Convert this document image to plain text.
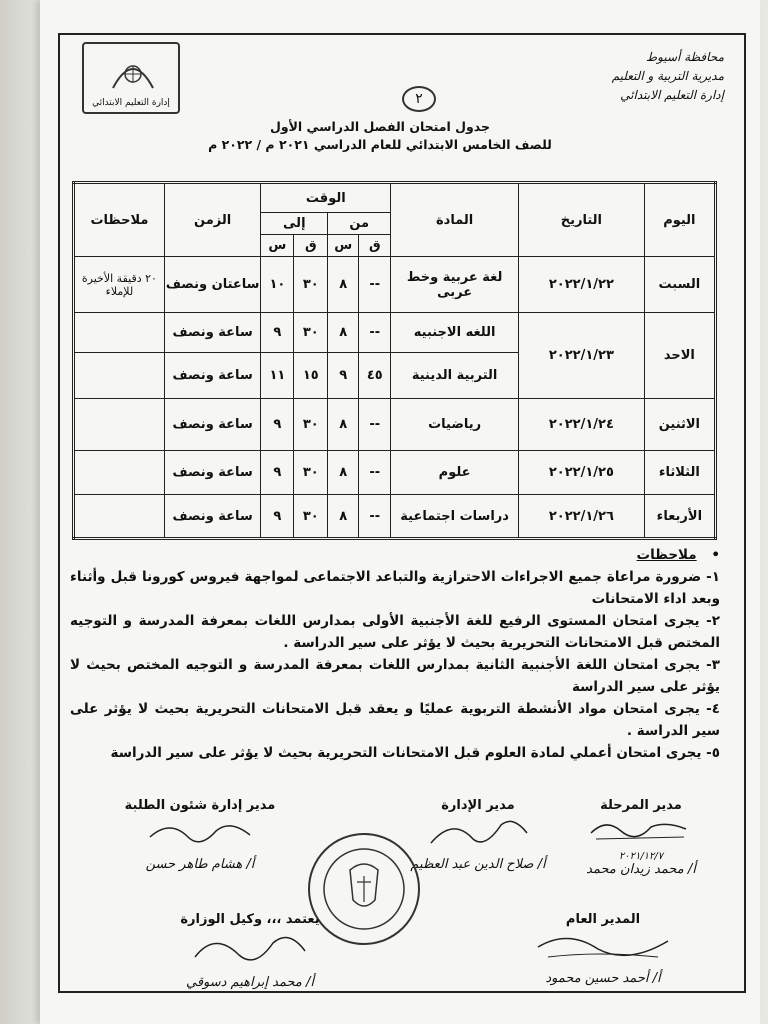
محافظة أسيوط
مديرية التربية و التعليم
إدارة التعليم الابتدائي
إدارة التعليم الابتدائي	٢
جدول امتحان الفصل الدراسي الأول
للصف الخامس الابتدائي للعام الدراسي ٢٠٢١ م / ٢٠٢٢ م
اليوم	التاريخ	المادة	الوقت				الزمن	ملاحظات
			من		إلى			
			ق	س	ق	س		
السبت	٢٠٢٢/١/٢٢	لغة عربية وخط عربى	--	٨	٣٠	١٠	ساعتان ونصف	٢٠ دقيقة الأخيرة للإملاء
الاحد	٢٠٢٢/١/٢٣	اللغه الاجنبيه	--	٨	٣٠	٩	ساعة ونصف	
		التربية الدينية	٤٥	٩	١٥	١١	ساعة ونصف	
الاثنين	٢٠٢٢/١/٢٤	رياضيات	--	٨	٣٠	٩	ساعة ونصف	
الثلاثاء	٢٠٢٢/١/٢٥	علوم	--	٨	٣٠	٩	ساعة ونصف	
الأربعاء	٢٠٢٢/١/٢٦	دراسات اجتماعية	--	٨	٣٠	٩	ساعة ونصف	

• ملاحظات

١- ضرورة مراعاة جميع الاجراءات الاحترازية والتباعد الاجتماعى لمواجهة فيروس كورونا قبل وأثناء وبعد اداء الامتحانات

٢- يجرى امتحان المستوى الرفيع للغة الأجنبية الأولى بمدارس اللغات بمعرفة المدرسة و التوجيه المختص قبل الامتحانات التحريرية بحيث لا يؤثر على سير الدراسة .

٣- يجرى امتحان اللغة الأجنبية الثانية بمدارس اللغات بمعرفة المدرسة و التوجيه المختص بحيث لا يؤثر على سير الدراسة

٤- يجرى امتحان مواد الأنشطة التربوية عمليًا و يعقد قبل الامتحانات التحريرية بحيث لا يؤثر على سير الدراسة .

٥- يجرى امتحان أعملي لمادة العلوم قبل الامتحانات التحريرية بحيث لا يؤثر على سير الدراسة

مدير المرحلة
٢٠٢١/١٢/٧
أ/ محمد زيدان محمد
مدير الإدارة
أ/ صلاح الدين عبد العظيم
مدير إدارة شئون الطلبة
أ/ هشام طاهر حسن
المدير العام
أ/ أحمد حسين محمود
يعتمد ،،، وكيل الوزارة
أ/ محمد إبراهيم دسوقي
